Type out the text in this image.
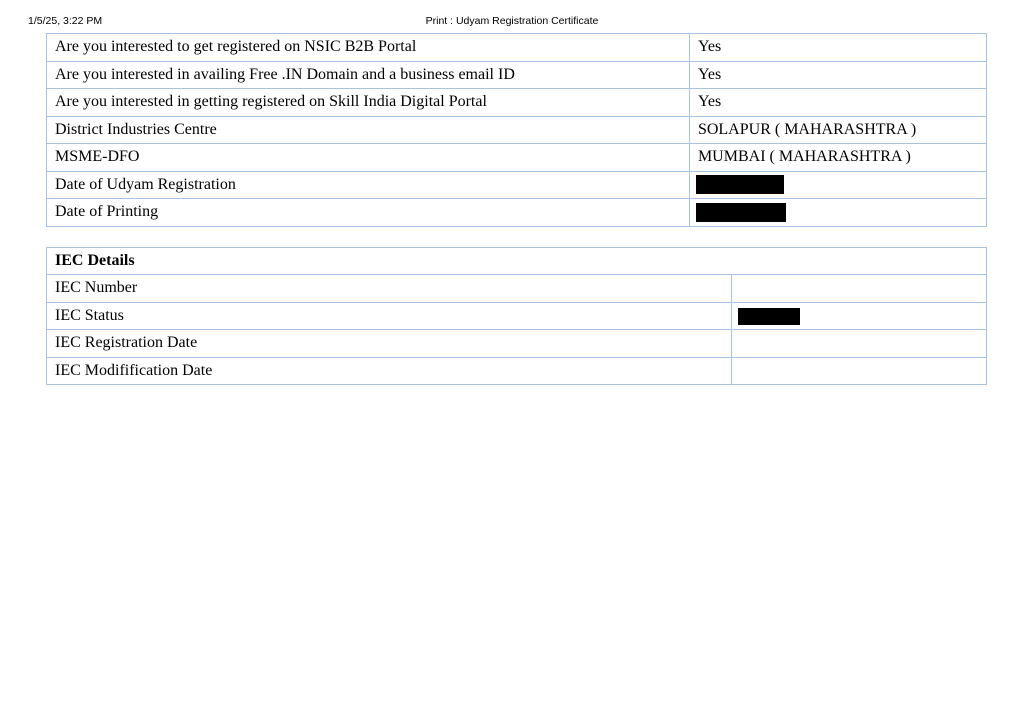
1/5/25, 3:22 PM	Print : Udyam Registration Certificate
Are you interested to get registered on NSIC B2B Portal	Yes
Are you interested in availing Free .IN Domain and a business email ID	Yes
Are you interested in getting registered on Skill India Digital Portal	Yes
District Industries Centre	SOLAPUR ( MAHARASHTRA )
MSME-DFO	MUMBAI ( MAHARASHTRA )
Date of Udyam Registration	
Date of Printing	
IEC Details	
IEC Number	
IEC Status	
IEC Registration Date	
IEC Modifification Date	
